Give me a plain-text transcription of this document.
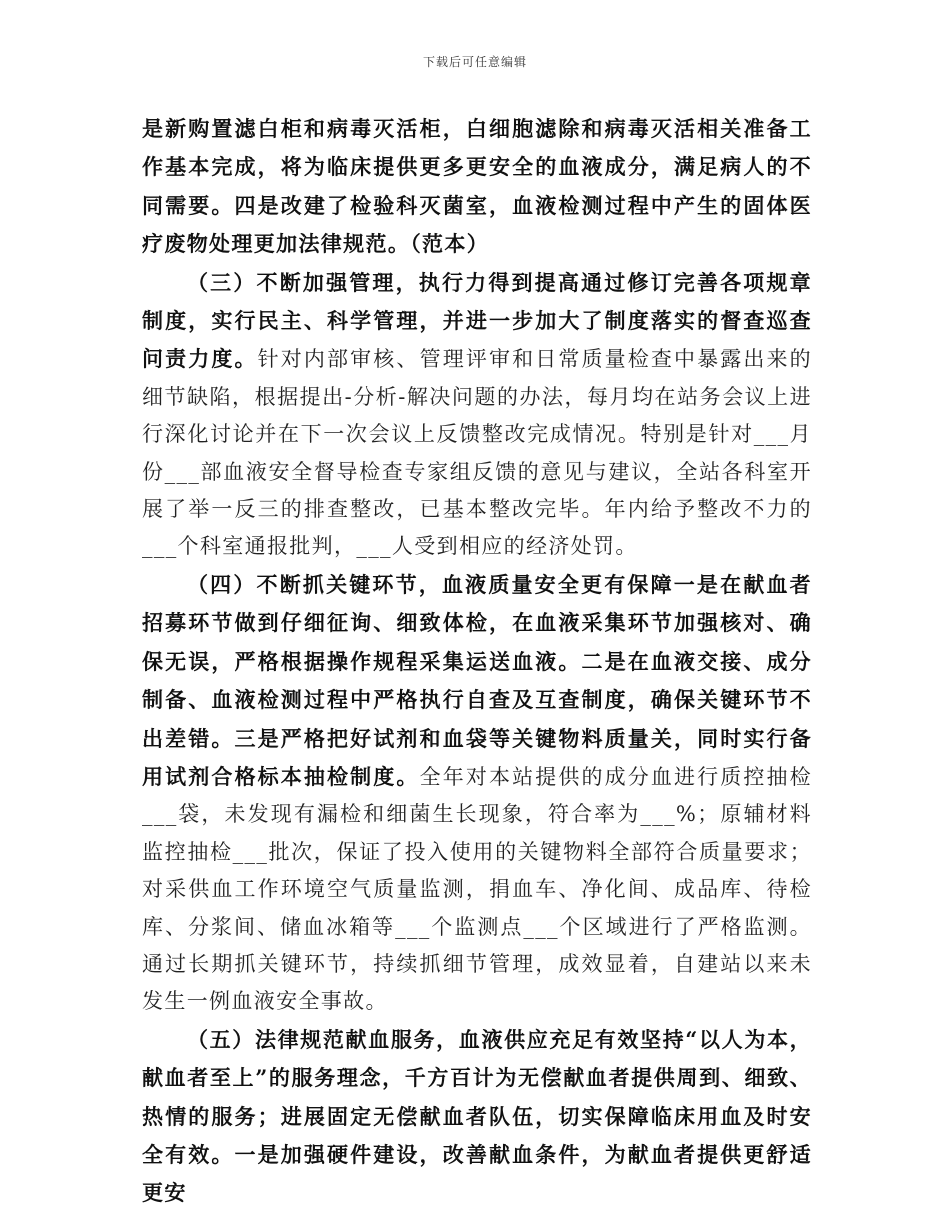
下载后可任意编辑

是新购置滤白柜和病毒灭活柜，白细胞滤除和病毒灭活相关准备工作基本完成，将为临床提供更多更安全的血液成分，满足病人的不同需要。四是改建了检验科灭菌室，血液检测过程中产生的固体医疗废物处理更加法律规范。（范本）

（三）不断加强管理，执行力得到提高通过修订完善各项规章制度，实行民主、科学管理，并进一步加大了制度落实的督查巡查问责力度。针对内部审核、管理评审和日常质量检查中暴露出来的细节缺陷，根据提出-分析-解决问题的办法，每月均在站务会议上进行深化讨论并在下一次会议上反馈整改完成情况。特别是针对___月份___部血液安全督导检查专家组反馈的意见与建议，全站各科室开展了举一反三的排查整改，已基本整改完毕。年内给予整改不力的___个科室通报批判，___人受到相应的经济处罚。

（四）不断抓关键环节，血液质量安全更有保障一是在献血者招募环节做到仔细征询、细致体检，在血液采集环节加强核对、确保无误，严格根据操作规程采集运送血液。二是在血液交接、成分制备、血液检测过程中严格执行自查及互查制度，确保关键环节不出差错。三是严格把好试剂和血袋等关键物料质量关，同时实行备用试剂合格标本抽检制度。全年对本站提供的成分血进行质控抽检___袋，未发现有漏检和细菌生长现象，符合率为___%；原辅材料监控抽检___批次，保证了投入使用的关键物料全部符合质量要求；对采供血工作环境空气质量监测，捐血车、净化间、成品库、待检库、分浆间、储血冰箱等___个监测点___个区域进行了严格监测。通过长期抓关键环节，持续抓细节管理，成效显着，自建站以来未发生一例血液安全事故。

（五）法律规范献血服务，血液供应充足有效坚持“以人为本，献血者至上”的服务理念，千方百计为无偿献血者提供周到、细致、热情的服务；进展固定无偿献血者队伍，切实保障临床用血及时安全有效。一是加强硬件建设，改善献血条件，为献血者提供更舒适更安
